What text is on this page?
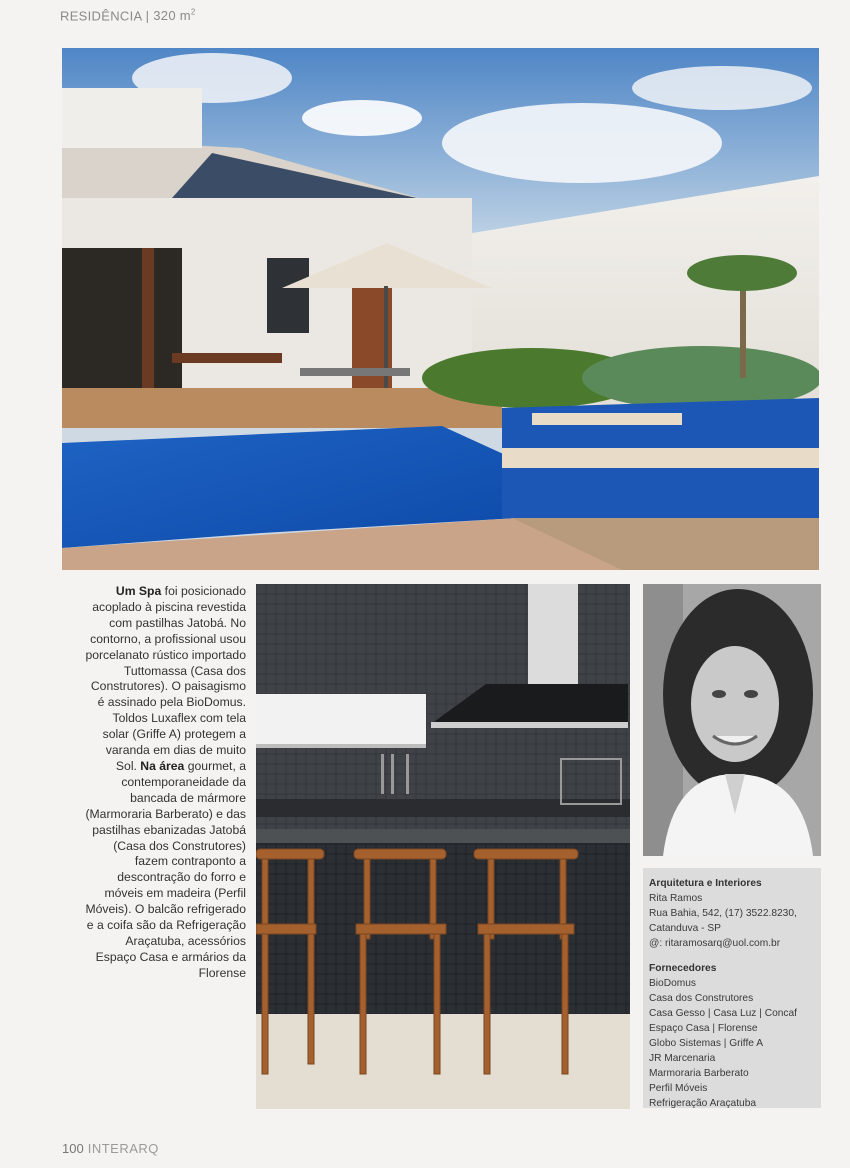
RESIDÊNCIA | 320 $m^2$
Um Spa foi posicionado acoplado à piscina revestida com pastilhas Jatobá. No contorno, a profissional usou porcelanato rústico importado Tuttomassa (Casa dos Construtores). O paisagismo é assinado pela BioDomus. Toldos Luxaflex com tela solar (Griffe A) protegem a varanda em dias de muito Sol. Na área gourmet, a contemporaneidade da bancada de mármore (Marmoraria Barberato) e das pastilhas ebanizadas Jatobá (Casa dos Construtores) fazem contraponto a descontração do forro e móveis em madeira (Perfil Móveis). O balcão refrigerado e a coifa são da Refrigeração Araçatuba, acessórios Espaço Casa e armários da Florense
Arquitetura e Interiores
Rita Ramos
Rua Bahia, 542, (17) 3522.8230,
Catanduva - SP
@: ritaramosarq@uol.com.br
Fornecedores
BioDomus
Casa dos Construtores
Casa Gesso | Casa Luz | Concaf
Espaço Casa | Florense
Globo Sistemas | Griffe A
JR Marcenaria
Marmoraria Barberato
Perfil Móveis
Refrigeração Araçatuba
100 INTERARQ
